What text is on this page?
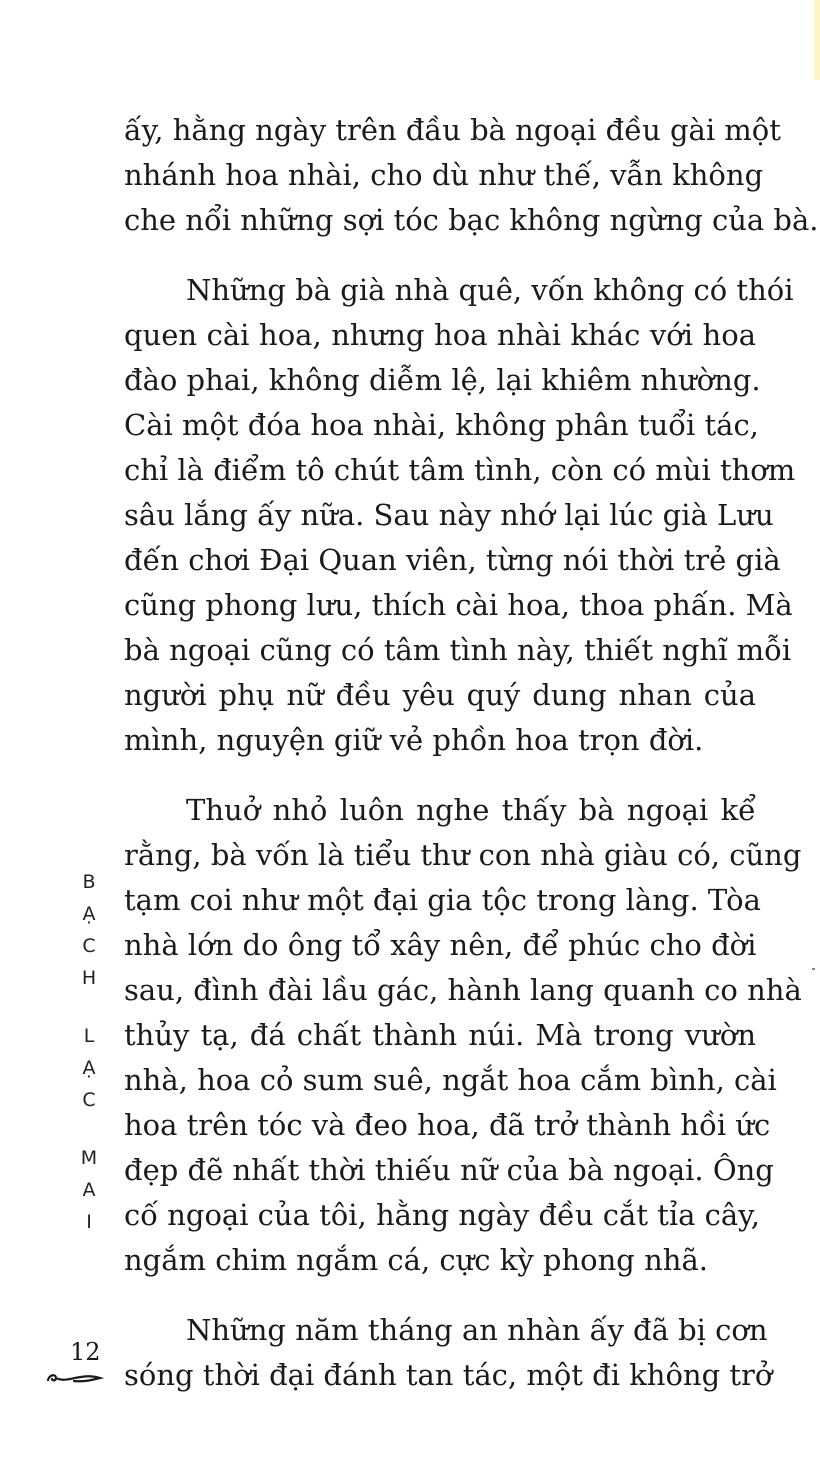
ấy, hằng ngày trên đầu bà ngoại đều gài một
nhánh hoa nhài, cho dù như thế, vẫn không
che nổi những sợi tóc bạc không ngừng của bà.
Những bà già nhà quê, vốn không có thói
quen cài hoa, nhưng hoa nhài khác với hoa
đào phai, không diễm lệ, lại khiêm nhường.
Cài một đóa hoa nhài, không phân tuổi tác,
chỉ là điểm tô chút tâm tình, còn có mùi thơm
sâu lắng ấy nữa. Sau này nhớ lại lúc già Lưu
đến chơi Đại Quan viên, từng nói thời trẻ già
cũng phong lưu, thích cài hoa, thoa phấn. Mà
bà ngoại cũng có tâm tình này, thiết nghĩ mỗi
người phụ nữ đều yêu quý dung nhan của
mình, nguyện giữ vẻ phồn hoa trọn đời.
Thuở nhỏ luôn nghe thấy bà ngoại kể
rằng, bà vốn là tiểu thư con nhà giàu có, cũng
tạm coi như một đại gia tộc trong làng. Tòa
nhà lớn do ông tổ xây nên, để phúc cho đời
sau, đình đài lầu gác, hành lang quanh co nhà
thủy tạ, đá chất thành núi. Mà trong vườn
nhà, hoa cỏ sum suê, ngắt hoa cắm bình, cài
hoa trên tóc và đeo hoa, đã trở thành hồi ức
đẹp đẽ nhất thời thiếu nữ của bà ngoại. Ông
cố ngoại của tôi, hằng ngày đều cắt tỉa cây,
ngắm chim ngắm cá, cực kỳ phong nhã.
Những năm tháng an nhàn ấy đã bị cơn
sóng thời đại đánh tan tác, một đi không trở
B
Ạ
C
H
L
Ạ
C
M
A
I
12
